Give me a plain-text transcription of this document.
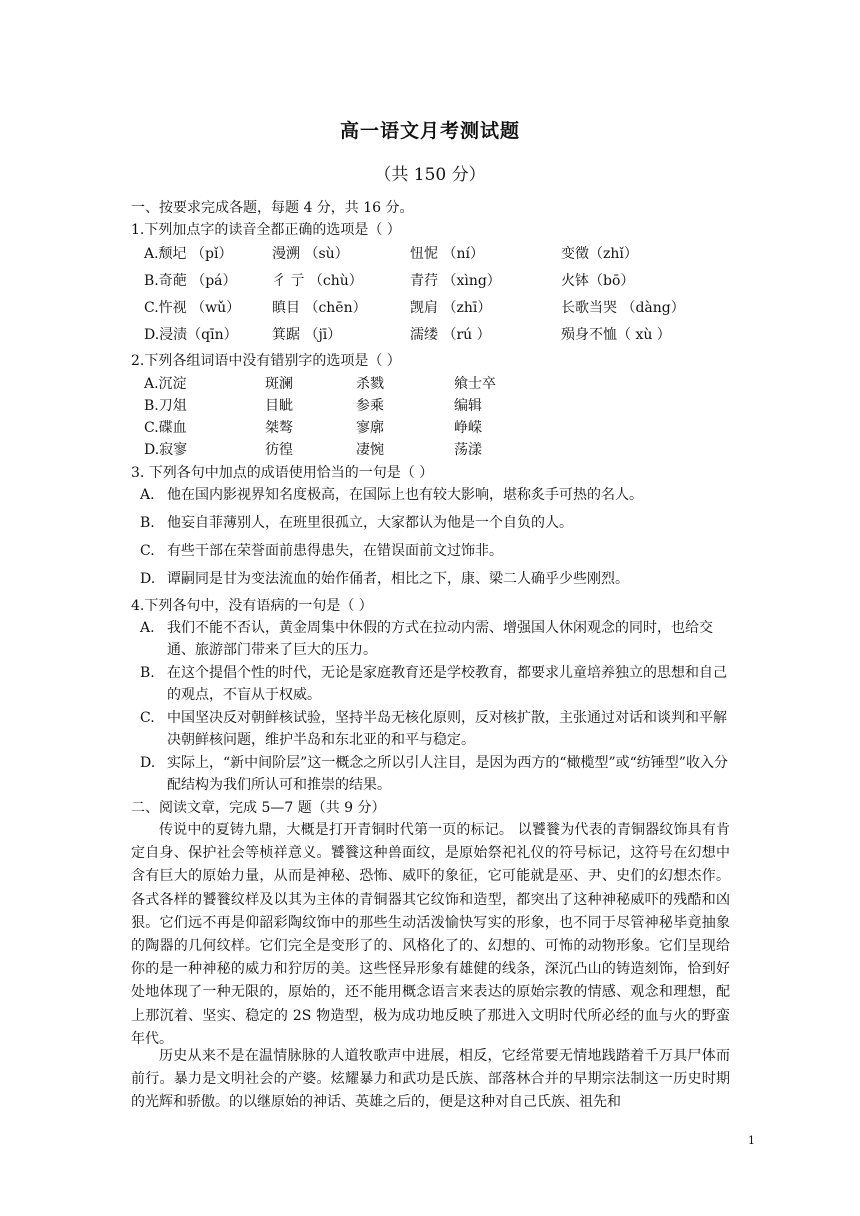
高一语文月考测试题
（共 150 分）
一、按要求完成各题，每题 4 分，共 16 分。
1.下列加点字的读音全都正确的选项是（ ）
A.颓圮 （pǐ）	漫溯 （sù）	忸怩 （ní）	变徵（zhǐ）
B.奇葩 （pá）	彳 亍 （chù）	青荇 （xìng）	火钵（bō）
C.忤视 （wǔ） 瞋目 （chēn）	觊肩 （zhī）	长歌当哭 （dàng）
D.浸渍（qīn） 箕踞 （jī）	濡缕 （rú ）	殒身不恤（ xù ）
2.下列各组词语中没有错别字的选项是（ ）
A.沉淀	斑澜	杀戮	飨士卒
B.刀俎	目眦	参乘	编辑
C.碟血	桀骜	寥廓	峥嵘
D.寂寥	彷徨	凄惋	荡漾
3. 下列各句中加点的成语使用恰当的一句是（ ）
A. 他在国内影视界知名度极高，在国际上也有较大影响，堪称炙手可热的名人。
B. 他妄自菲薄别人，在班里很孤立，大家都认为他是一个自负的人。
C. 有些干部在荣誉面前患得患失，在错误面前文过饰非。
D. 谭嗣同是甘为变法流血的始作俑者，相比之下，康、梁二人确乎少些刚烈。
4.下列各句中，没有语病的一句是（ ）
A. 我们不能不否认，黄金周集中休假的方式在拉动内需、增强国人休闲观念的同时，也给交通、旅游部门带来了巨大的压力。
B. 在这个提倡个性的时代，无论是家庭教育还是学校教育，都要求儿童培养独立的思想和自己的观点，不盲从于权威。
C. 中国坚决反对朝鲜核试验，坚持半岛无核化原则，反对核扩散，主张通过对话和谈判和平解决朝鲜核问题，维护半岛和东北亚的和平与稳定。
D. 实际上，“新中间阶层”这一概念之所以引人注目，是因为西方的“橄榄型”或“纺锤型”收入分配结构为我们所认可和推崇的结果。
二、阅读文章，完成 5—7 题（共 9 分）
传说中的夏铸九鼎，大概是打开青铜时代第一页的标记。 以饕餮为代表的青铜器纹饰具有肯定自身、保护社会等桢祥意义。饕餮这种兽面纹，是原始祭祀礼仪的符号标记，这符号在幻想中含有巨大的原始力量，从而是神秘、恐怖、威吓的象征，它可能就是巫、尹、史们的幻想杰作。各式各样的饕餮纹样及以其为主体的青铜器其它纹饰和造型，都突出了这种神秘威吓的残酷和凶狠。它们远不再是仰韶彩陶纹饰中的那些生动活泼愉快写实的形象，也不同于尽管神秘毕竟抽象的陶器的几何纹样。它们完全是变形了的、风格化了的、幻想的、可怖的动物形象。它们呈现给你的是一种神秘的威力和狞厉的美。这些怪异形象有雄健的线条，深沉凸山的铸造刻饰，恰到好处地体现了一种无限的，原始的，还不能用概念语言来表达的原始宗教的情感、观念和理想，配上那沉着、坚实、稳定的 2S 物造型，极为成功地反映了那进入文明时代所必经的血与火的野蛮年代。
历史从来不是在温情脉脉的人道牧歌声中进展，相反，它经常要无情地践踏着千万具尸体而前行。暴力是文明社会的产婆。炫耀暴力和武功是氏族、部落林合并的早期宗法制这一历史时期的光辉和骄傲。的以继原始的神话、英雄之后的，便是这种对自己氏族、祖先和
1
